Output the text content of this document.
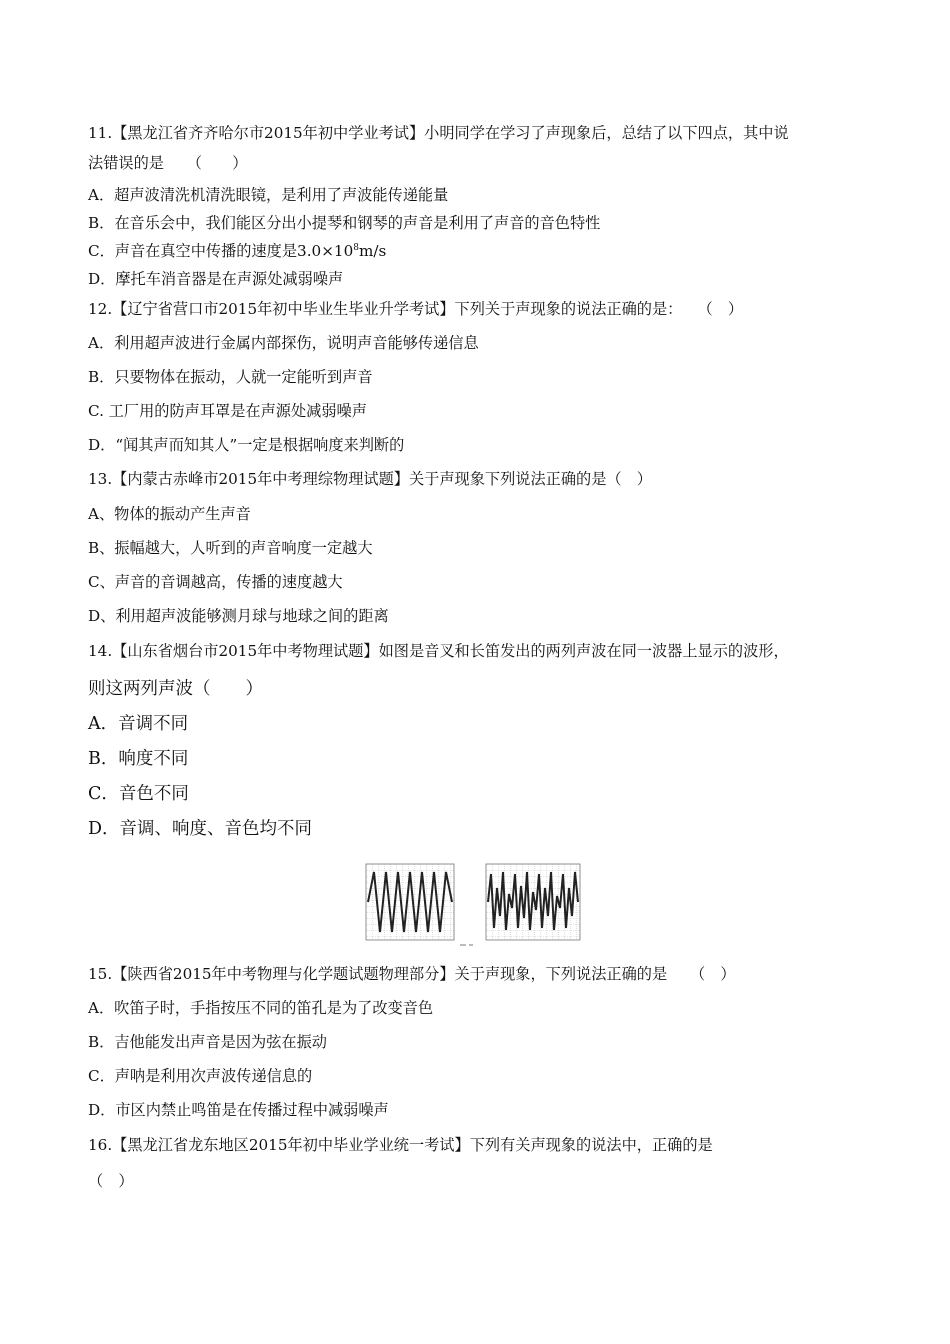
11.【黑龙江省齐齐哈尔市2015年初中学业考试】小明同学在学习了声现象后，总结了以下四点，其中说
法错误的是　　（　　）
A．超声波清洗机清洗眼镜，是利用了声波能传递能量
B．在音乐会中，我们能区分出小提琴和钢琴的声音是利用了声音的音色特性
C．声音在真空中传播的速度是$3.0\times 10^8m/s$
D．摩托车消音器是在声源处减弱噪声
12.【辽宁省营口市2015年初中毕业生毕业升学考试】下列关于声现象的说法正确的是：　　（　）
A．利用超声波进行金属内部探伤，说明声音能够传递信息
B．只要物体在振动，人就一定能听到声音
C. 工厂用的防声耳罩是在声源处减弱噪声
D．“闻其声而知其人”一定是根据响度来判断的
13.【内蒙古赤峰市2015年中考理综物理试题】关于声现象下列说法正确的是（　）
A、物体的振动产生声音
B、振幅越大，人听到的声音响度一定越大
C、声音的音调越高，传播的速度越大
D、利用超声波能够测月球与地球之间的距离
14.【山东省烟台市2015年中考物理试题】如图是音叉和长笛发出的两列声波在同一波器上显示的波形，
则这两列声波（　　）
A．音调不同
B．响度不同
C．音色不同
D．音调、响度、音色均不同
15.【陕西省2015年中考物理与化学题试题物理部分】关于声现象，下列说法正确的是　　（　）
A．吹笛子时，手指按压不同的笛孔是为了改变音色
B．吉他能发出声音是因为弦在振动
C．声呐是利用次声波传递信息的
D．市区内禁止鸣笛是在传播过程中减弱噪声
16.【黑龙江省龙东地区2015年初中毕业学业统一考试】下列有关声现象的说法中，正确的是
（　）
